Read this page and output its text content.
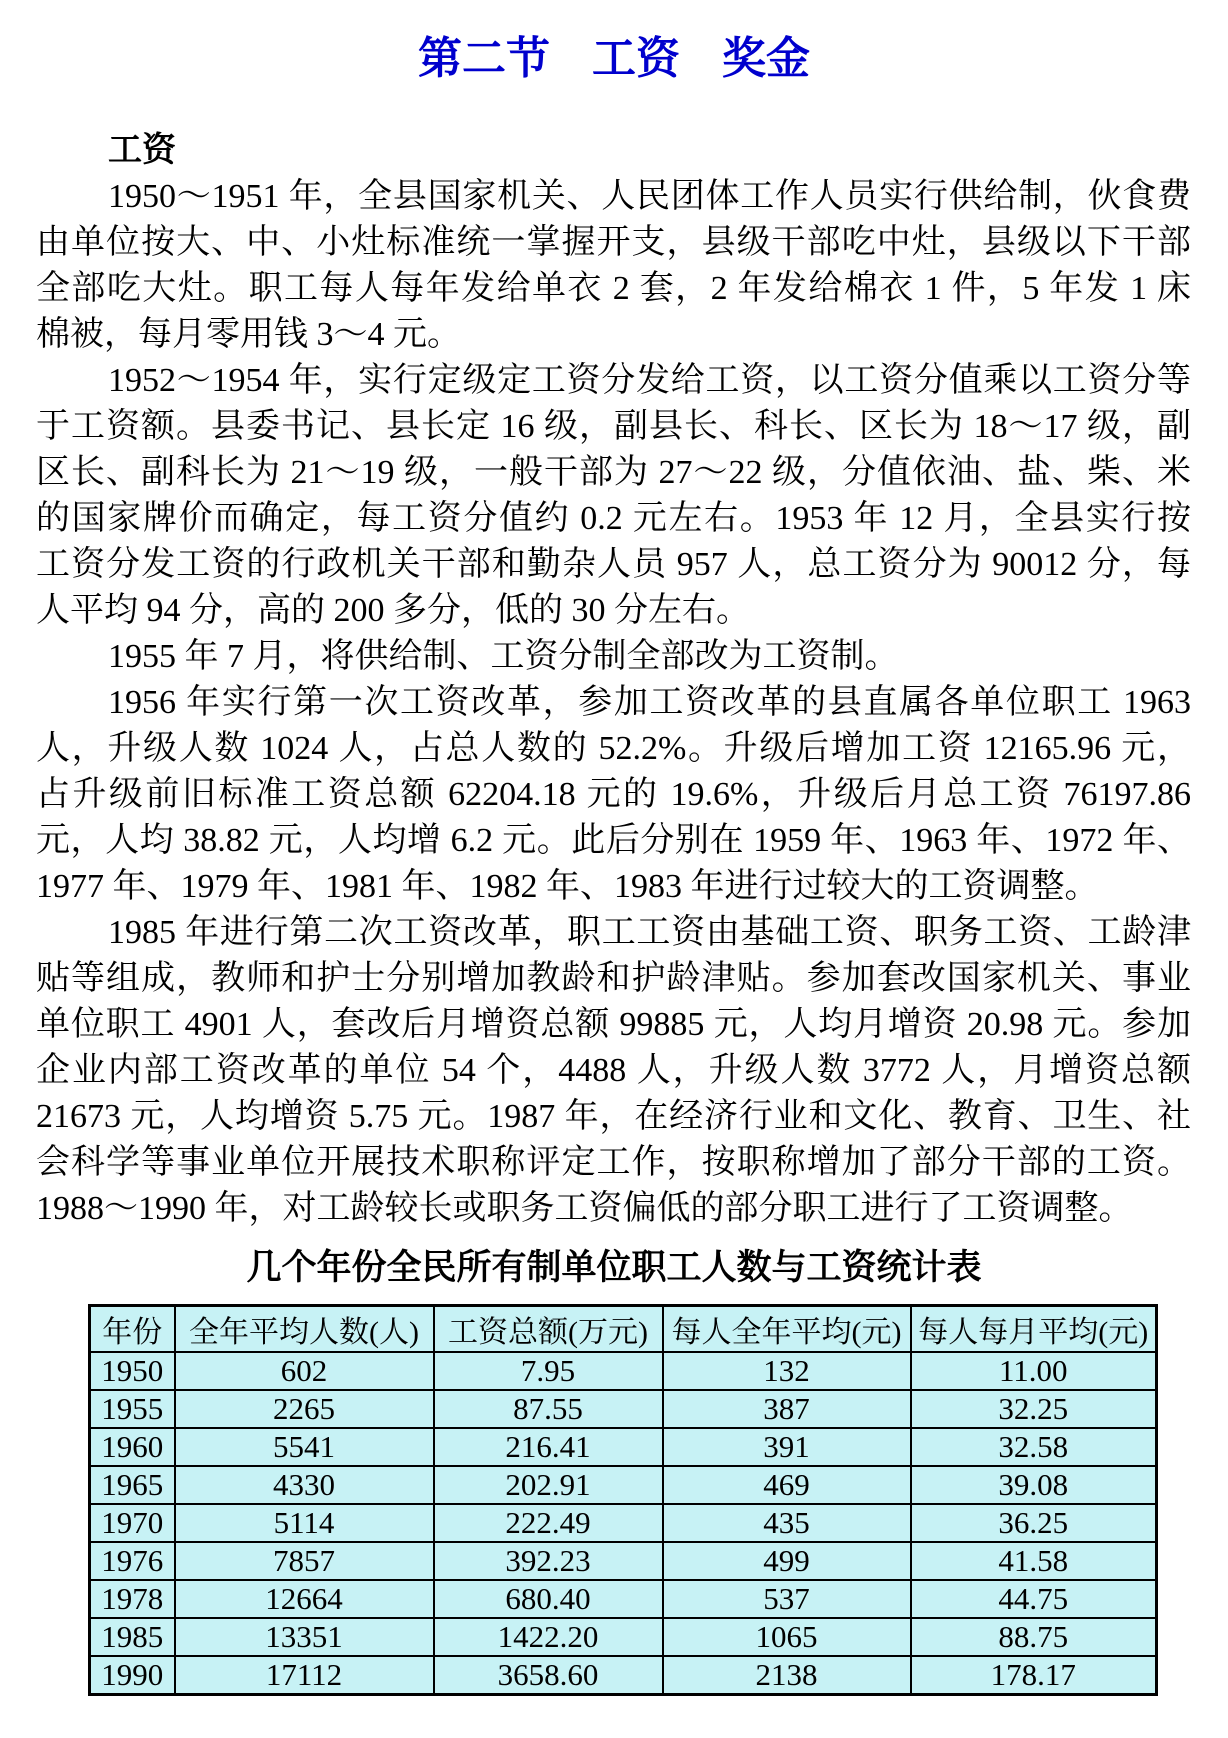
第二节 工资 奖金
工资
1950～1951 年，全县国家机关、人民团体工作人员实行供给制，伙食费
由单位按大、中、小灶标准统一掌握开支，县级干部吃中灶，县级以下干部
全部吃大灶。职工每人每年发给单衣 2 套，2 年发给棉衣 1 件，5 年发 1 床
棉被，每月零用钱 3～4 元。
1952～1954 年，实行定级定工资分发给工资，以工资分值乘以工资分等
于工资额。县委书记、县长定 16 级，副县长、科长、区长为 18～17 级，副
区长、副科长为 21～19 级，一般干部为 27～22 级，分值依油、盐、柴、米
的国家牌价而确定，每工资分值约 0.2 元左右。1953 年 12 月，全县实行按
工资分发工资的行政机关干部和勤杂人员 957 人，总工资分为 90012 分，每
人平均 94 分，高的 200 多分，低的 30 分左右。
1955 年 7 月，将供给制、工资分制全部改为工资制。
1956 年实行第一次工资改革，参加工资改革的县直属各单位职工 1963
人，升级人数 1024 人，占总人数的 52.2%。升级后增加工资 12165.96 元，
占升级前旧标准工资总额 62204.18 元的 19.6%，升级后月总工资 76197.86
元，人均 38.82 元，人均增 6.2 元。此后分别在 1959 年、1963 年、1972 年、
1977 年、1979 年、1981 年、1982 年、1983 年进行过较大的工资调整。
1985 年进行第二次工资改革，职工工资由基础工资、职务工资、工龄津
贴等组成，教师和护士分别增加教龄和护龄津贴。参加套改国家机关、事业
单位职工 4901 人，套改后月增资总额 99885 元，人均月增资 20.98 元。参加
企业内部工资改革的单位 54 个，4488 人，升级人数 3772 人，月增资总额
21673 元，人均增资 5.75 元。1987 年，在经济行业和文化、教育、卫生、社
会科学等事业单位开展技术职称评定工作，按职称增加了部分干部的工资。
1988～1990 年，对工龄较长或职务工资偏低的部分职工进行了工资调整。
几个年份全民所有制单位职工人数与工资统计表
年份	全年平均人数(人)	工资总额(万元)	每人全年平均(元)	每人每月平均(元)
1950	602	7.95	132	11.00
1955	2265	87.55	387	32.25
1960	5541	216.41	391	32.58
1965	4330	202.91	469	39.08
1970	5114	222.49	435	36.25
1976	7857	392.23	499	41.58
1978	12664	680.40	537	44.75
1985	13351	1422.20	1065	88.75
1990	17112	3658.60	2138	178.17
